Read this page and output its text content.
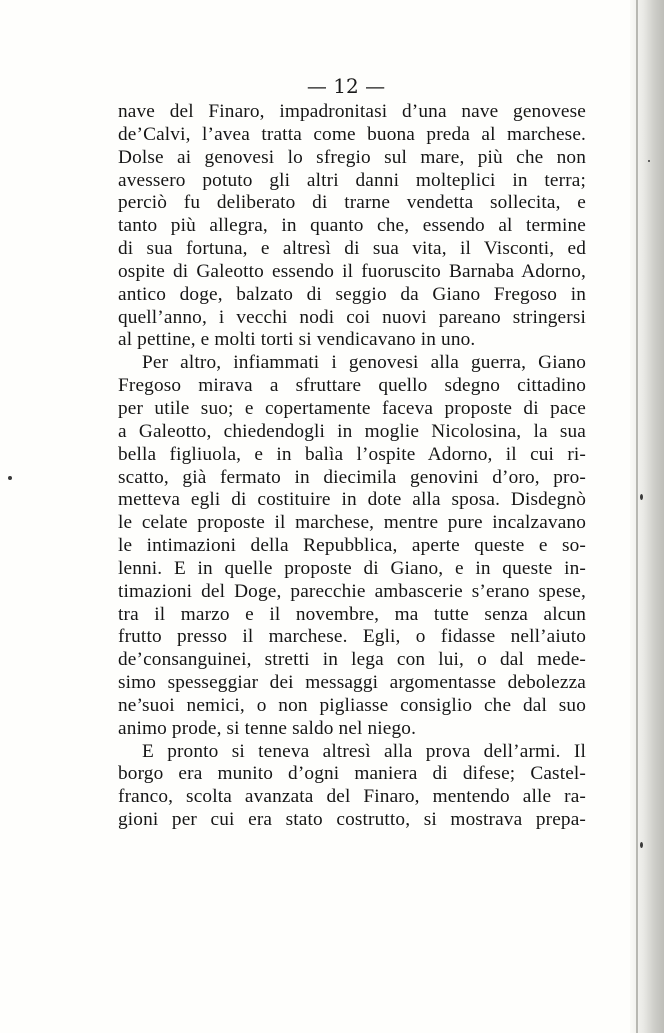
— 12 —
nave del Finaro, impadronitasi d’una nave genovese
de’Calvi, l’avea tratta come buona preda al marchese.
Dolse ai genovesi lo sfregio sul mare, più che non
avessero potuto gli altri danni molteplici in terra;
perciò fu deliberato di trarne vendetta sollecita, e
tanto più allegra, in quanto che, essendo al termine
di sua fortuna, e altresì di sua vita, il Visconti, ed
ospite di Galeotto essendo il fuoruscito Barnaba Adorno,
antico doge, balzato di seggio da Giano Fregoso in
quell’anno, i vecchi nodi coi nuovi pareano stringersi
al pettine, e molti torti si vendicavano in uno.
Per altro, infiammati i genovesi alla guerra, Giano
Fregoso mirava a sfruttare quello sdegno cittadino
per utile suo; e copertamente faceva proposte di pace
a Galeotto, chiedendogli in moglie Nicolosina, la sua
bella figliuola, e in balìa l’ospite Adorno, il cui ri-
scatto, già fermato in diecimila genovini d’oro, pro-
metteva egli di costituire in dote alla sposa. Disdegnò
le celate proposte il marchese, mentre pure incalzavano
le intimazioni della Repubblica, aperte queste e so-
lenni. E in quelle proposte di Giano, e in queste in-
timazioni del Doge, parecchie ambascerie s’erano spese,
tra il marzo e il novembre, ma tutte senza alcun
frutto presso il marchese. Egli, o fidasse nell’aiuto
de’consanguinei, stretti in lega con lui, o dal mede-
simo spesseggiar dei messaggi argomentasse debolezza
ne’suoi nemici, o non pigliasse consiglio che dal suo
animo prode, si tenne saldo nel niego.
E pronto si teneva altresì alla prova dell’armi. Il
borgo era munito d’ogni maniera di difese; Castel-
franco, scolta avanzata del Finaro, mentendo alle ra-
gioni per cui era stato costrutto, si mostrava prepa-
